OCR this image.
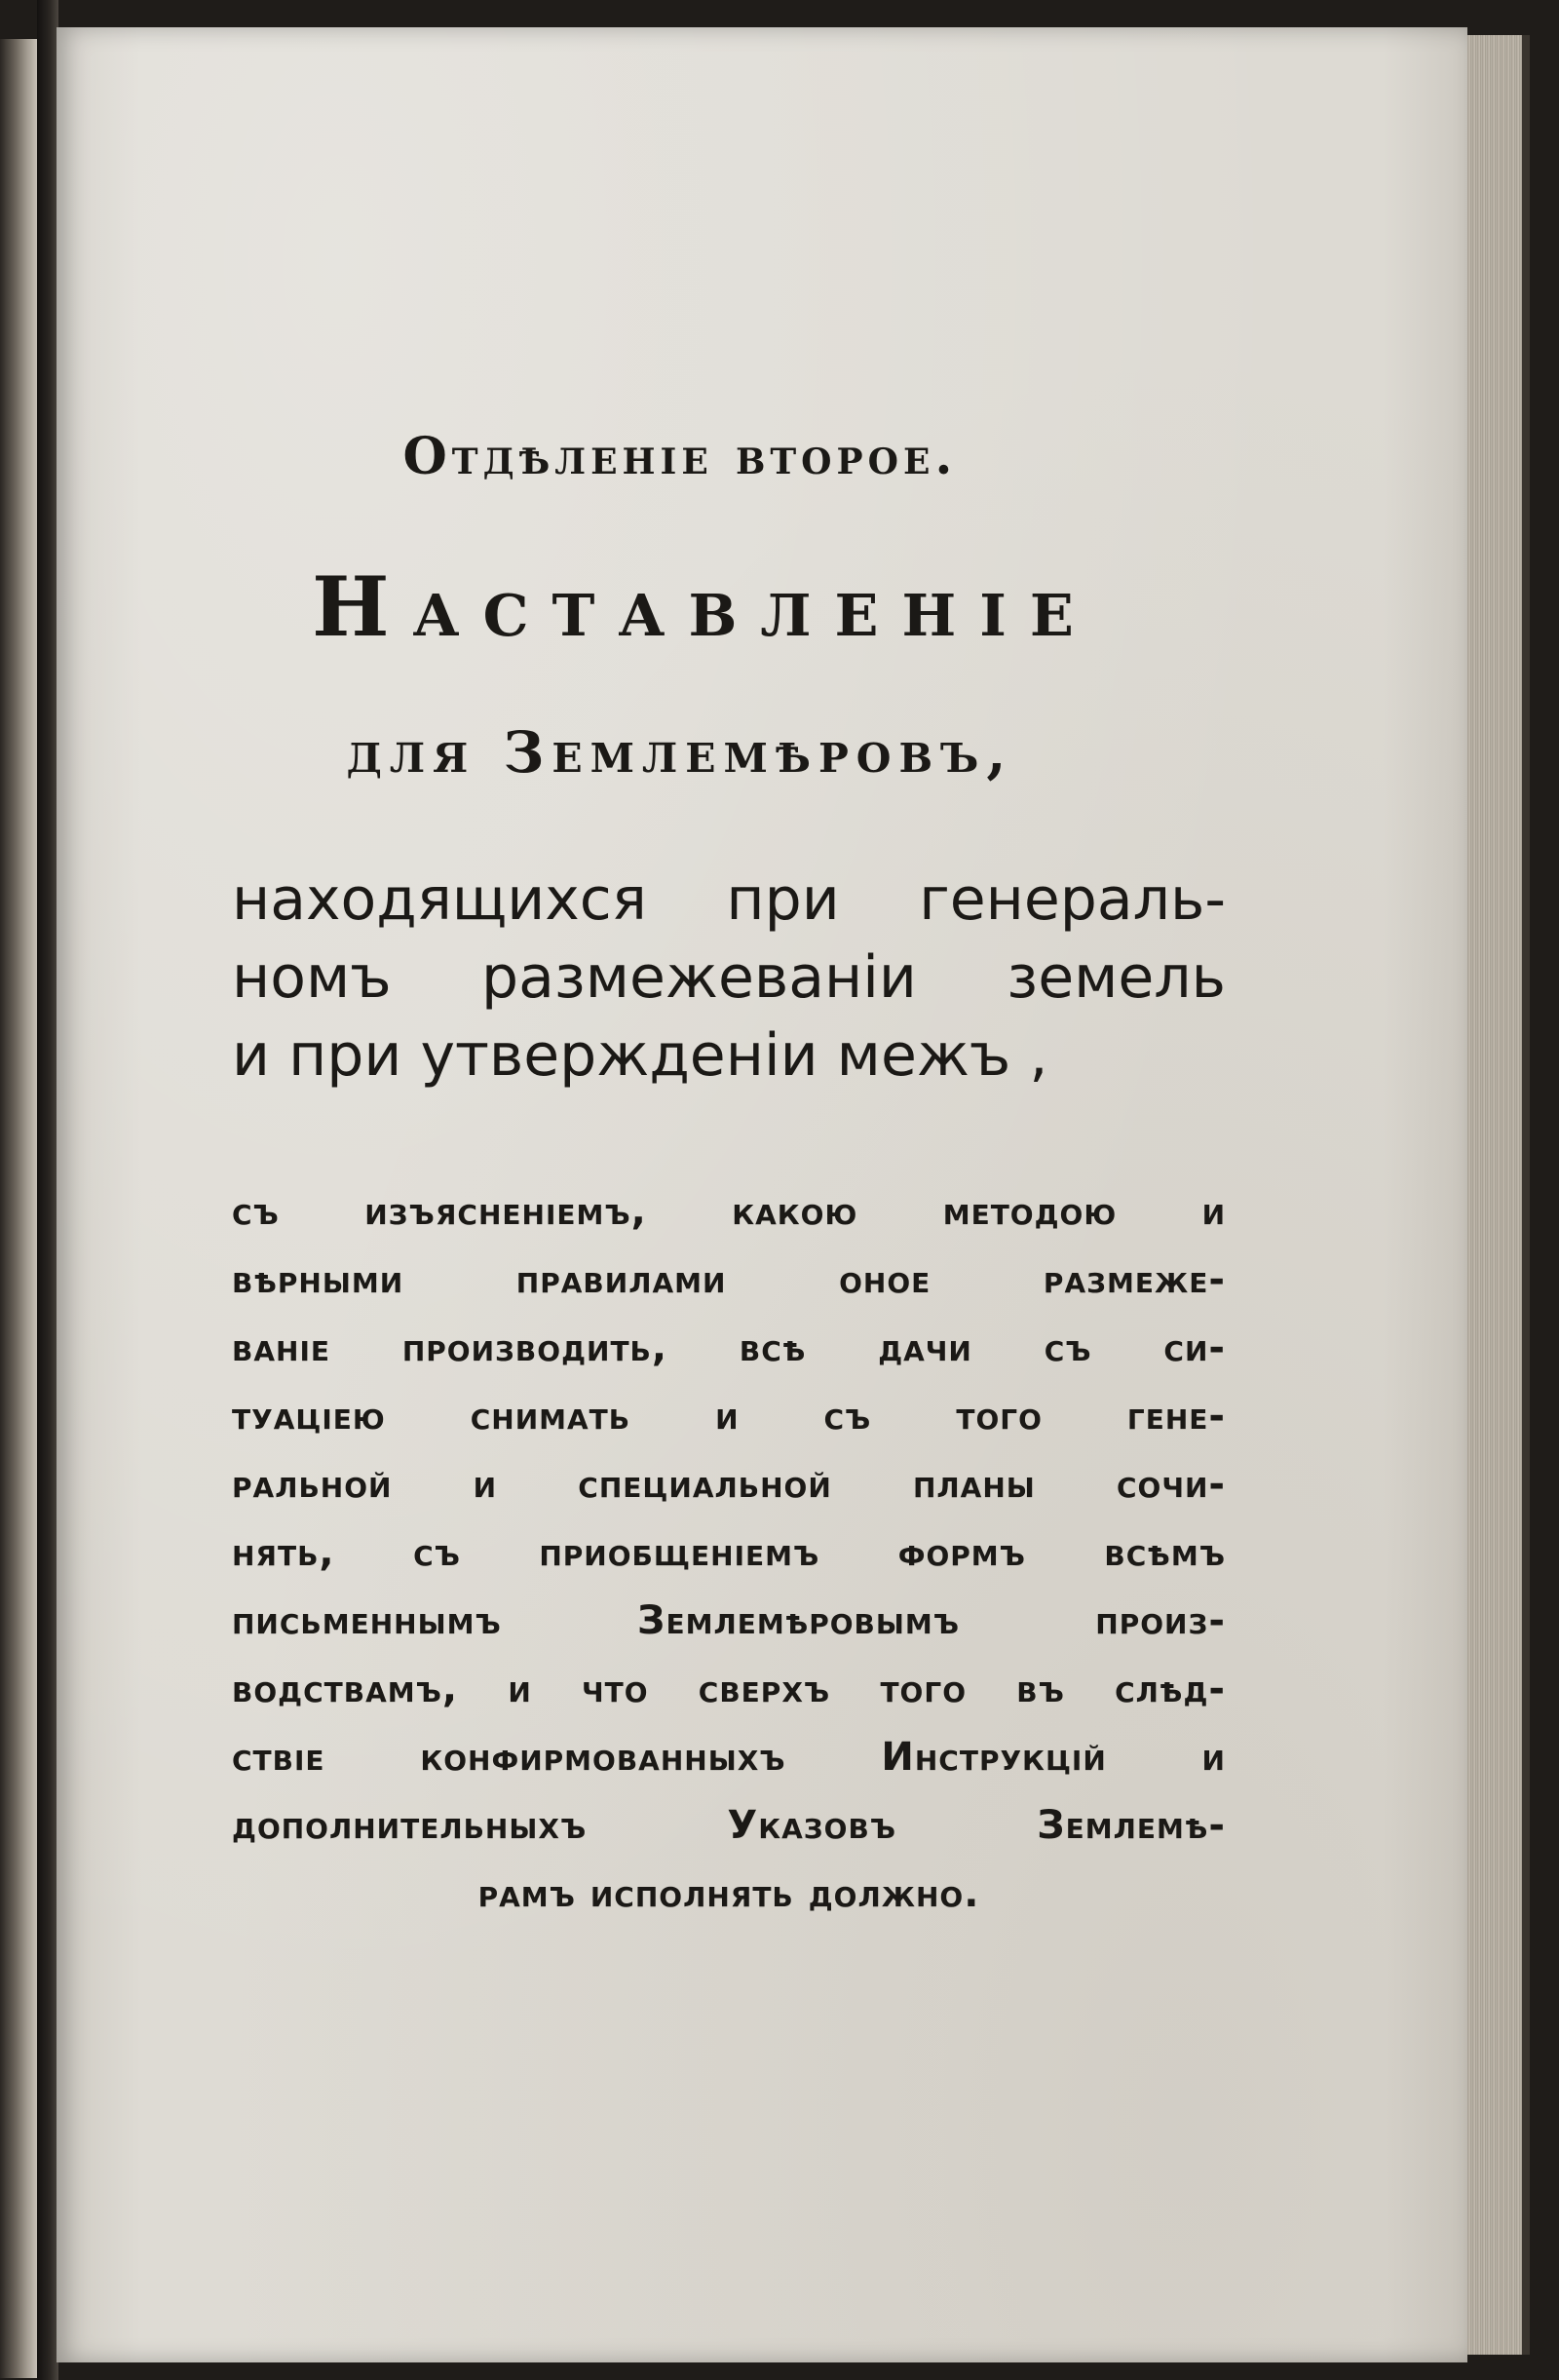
Отдѣленiе второе.
Наставленiе
для Землемѣровъ,
находящихся при генераль-
номъ размежеванiи земель
и при утвержденiи межъ ,
съ изъясненiемъ, какою методою и
вѣрными правилами оное размеже-
ванiе производить, всѣ дачи съ си-
туацiею снимать и съ того гене-
ральной и специальной планы сочи-
нять, съ приобщенiемъ формъ всѣмъ
письменнымъ Землемѣровымъ произ-
водствамъ, и что сверхъ того въ слѣд-
ствiе конфирмованныхъ Инструкцiй и
дополнительныхъ Указовъ Землемѣ-
рамъ исполнять должно.
